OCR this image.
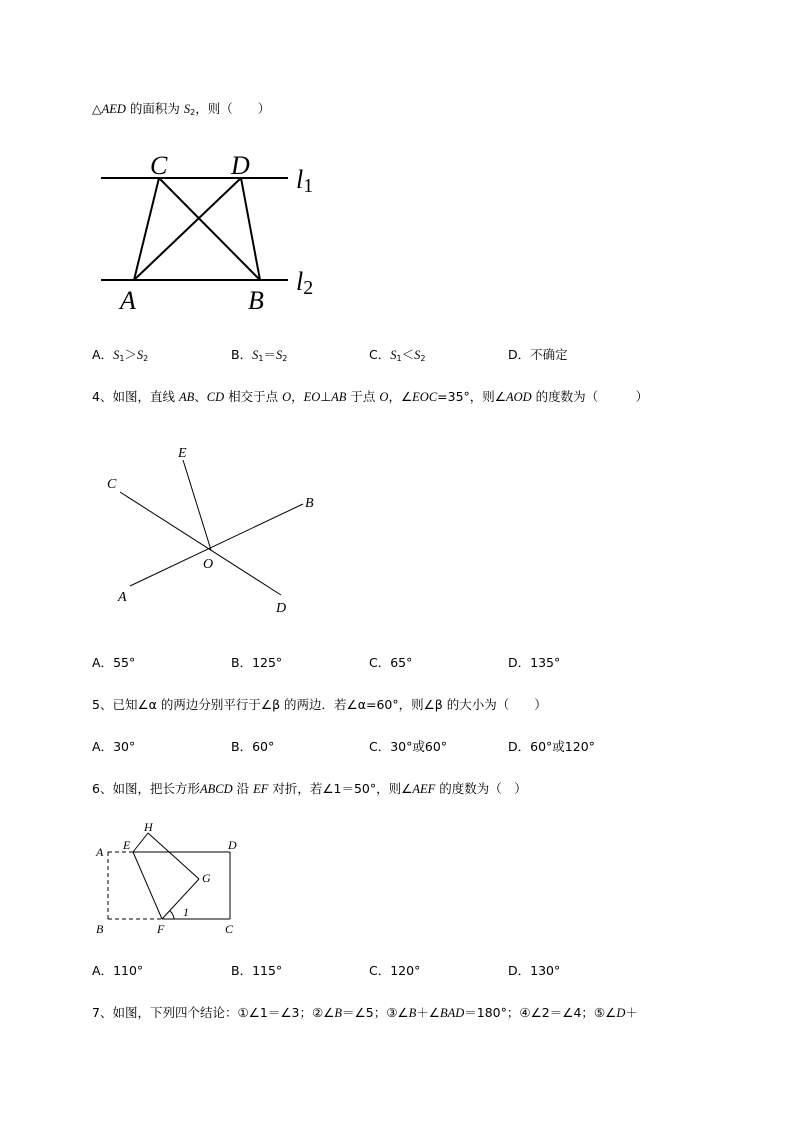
△AED 的面积为 $S_2$，则（　　）
C D
A	B
l1
l2
A．$S_1>S_2$	B．$S_1=S_2$	C．$S_1<S_2$	D．不确定
4、如图，直线 AB、CD 相交于点 O，EO⊥AB 于点 O，∠EOC=35°，则∠AOD 的度数为（　　　）
E
C
B
O
A
D
A．55°	B．125°	C．65°	D．135°
5、已知∠α 的两边分别平行于∠β 的两边．若∠α=60°，则∠β 的大小为（　　）
A．30°	B．60°	C．30°或60°	D．60°或120°
6、如图，把长方形ABCD 沿 EF 对折，若∠1＝50°，则∠AEF 的度数为（　）
H
A E	D
G
1
B	F	C
A．110°	B．115°	C．120°	D．130°
7、如图，下列四个结论：①∠1＝∠3；②∠B＝∠5；③∠B＋∠BAD＝180°；④∠2＝∠4；⑤∠D＋
